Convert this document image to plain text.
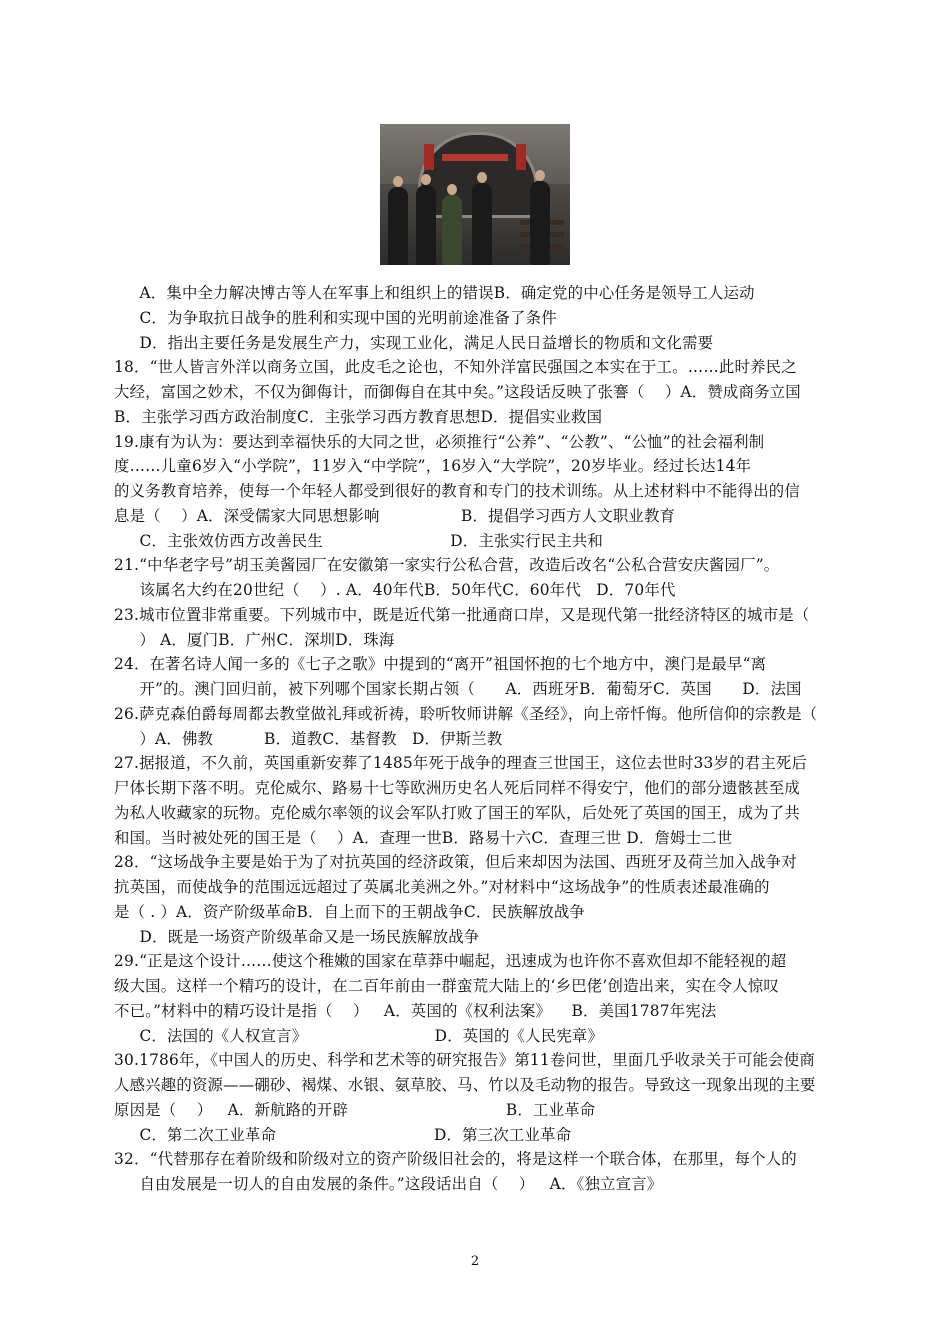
A．集中全力解决博古等人在军事上和组织上的错误B．确定党的中心任务是领导工人运动
C．为争取抗日战争的胜利和实现中国的光明前途准备了条件
D．指出主要任务是发展生产力，实现工业化，满足人民日益增长的物质和文化需要
18．“世人皆言外洋以商务立国，此皮毛之论也，不知外洋富民强国之本实在于工。……此时养民之
大经，富国之妙术，不仅为御侮计，而御侮自在其中矣。”这段话反映了张謇（    ）A．赞成商务立国
B．主张学习西方政治制度C．主张学习西方教育思想D．提倡实业救国
19.康有为认为：要达到幸福快乐的大同之世，必须推行“公养”、“公教”、“公恤”的社会福利制
度……儿童6岁入“小学院”，11岁入“中学院”，16岁入“大学院”，20岁毕业。经过长达14年
的义务教育培养，使每一个年轻人都受到很好的教育和专门的技术训练。从上述材料中不能得出的信
息是（    ）A．深受儒家大同思想影响                B．提倡学习西方人文职业教育
C．主张效仿西方改善民生                         D．主张实行民主共和
21.“中华老字号”胡玉美酱园厂在安徽第一家实行公私合营，改造后改名“公私合营安庆酱园厂”。
该属名大约在20世纪（    ）. A．40年代B．50年代C．60年代   D．70年代
23.城市位置非常重要。下列城市中，既是近代第一批通商口岸，又是现代第一批经济特区的城市是（
） A．厦门B．广州C．深圳D．珠海
24．在著名诗人闻一多的《七子之歌》中提到的“离开”祖国怀抱的七个地方中，澳门是最早“离
开”的。澳门回归前，被下列哪个国家长期占领（      A．西班牙B．葡萄牙C．英国      D．法国
26.萨克森伯爵每周都去教堂做礼拜或祈祷，聆听牧师讲解《圣经》，向上帝忏悔。他所信仰的宗教是（
）A．佛教          B．道教C．基督教   D．伊斯兰教
27.据报道，不久前，英国重新安葬了1485年死于战争的理查三世国王，这位去世时33岁的君主死后
尸体长期下落不明。克伦威尔、路易十七等欧洲历史名人死后同样不得安宁，他们的部分遗骸甚至成
为私人收藏家的玩物。克伦威尔率领的议会军队打败了国王的军队，后处死了英国的国王，成为了共
和国。当时被处死的国王是（    ）A．查理一世B．路易十六C．查理三世 D．詹姆士二世
28．“这场战争主要是始于为了对抗英国的经济政策，但后来却因为法国、西班牙及荷兰加入战争对
抗英国，而使战争的范围远远超过了英属北美洲之外。”对材料中“这场战争”的性质表述最准确的
是（ . ）A．资产阶级革命B．自上而下的王朝战争C．民族解放战争
D．既是一场资产阶级革命又是一场民族解放战争
29.“正是这个设计……使这个稚嫩的国家在草莽中崛起，迅速成为也许你不喜欢但却不能轻视的超
级大国。这样一个精巧的设计，在二百年前由一群蛮荒大陆上的‘乡巴佬’创造出来，实在令人惊叹
不已。”材料中的精巧设计是指（    ）   A．英国的《权利法案》    B．美国1787年宪法
C．法国的《人权宣言》                         D．英国的《人民宪章》
30.1786年，《中国人的历史、科学和艺术等的研究报告》第11卷问世，里面几乎收录关于可能会使商
人感兴趣的资源——硼砂、褐煤、水银、氨草胶、马、竹以及毛动物的报告。导致这一现象出现的主要
原因是（    ）   A．新航路的开辟                               B．工业革命
C．第二次工业革命                               D．第三次工业革命
32．“代替那存在着阶级和阶级对立的资产阶级旧社会的，将是这样一个联合体，在那里，每个人的
自由发展是一切人的自由发展的条件。”这段话出自（    ）   A．《独立宣言》
2
